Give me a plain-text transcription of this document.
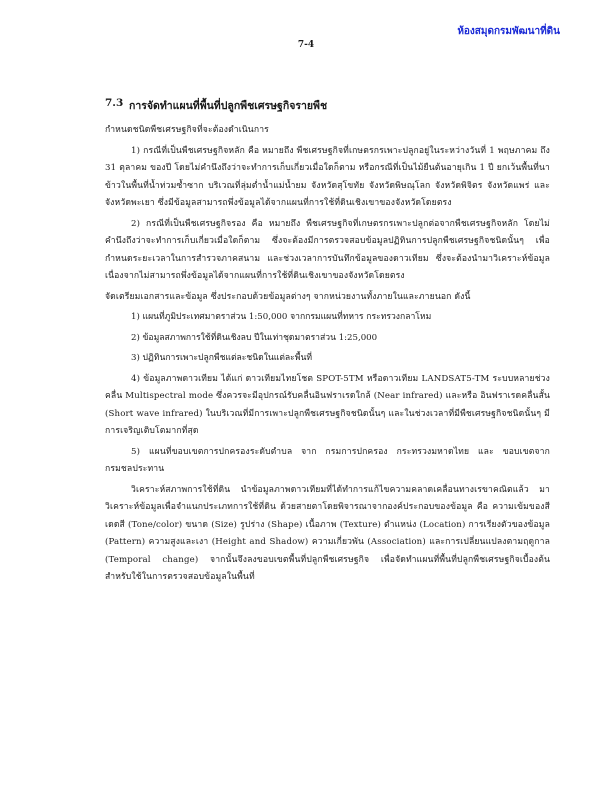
ห้องสมุดกรมพัฒนาที่ดิน
7-4
7.3 การจัดทำแผนที่พื้นที่ปลูกพืชเศรษฐกิจรายพืช

กำหนดชนิดพืชเศรษฐกิจที่จะต้องดำเนินการ

1) กรณีที่เป็นพืชเศรษฐกิจหลัก คือ หมายถึง พืชเศรษฐกิจที่เกษตรกรเพาะปลูกอยู่ในระหว่างวันที่ 1 พฤษภาคม ถึง 31 ตุลาคม ของปี โดยไม่คำนึงถึงว่าจะทำการเก็บเกี่ยวเมื่อใดก็ตาม หรือกรณีที่เป็นไม้ยืนต้นอายุเกิน 1 ปี ยกเว้นพื้นที่นาข้าวในพื้นที่น้ำท่วมซ้ำซาก บริเวณที่ลุ่มต่ำน้ำแม่น้ำยม จังหวัดสุโขทัย จังหวัดพิษณุโลก จังหวัดพิจิตร จังหวัดแพร่ และ จังหวัดพะเยา ซึ่งมีข้อมูลสามารถพึ่งข้อมูลได้จากแผนที่การใช้ที่ดินเชิงเขาของจังหวัดโดยตรง

2) กรณีที่เป็นพืชเศรษฐกิจรอง คือ หมายถึง พืชเศรษฐกิจที่เกษตรกรเพาะปลูกต่อจากพืชเศรษฐกิจหลัก โดยไม่คำนึงถึงว่าจะทำการเก็บเกี่ยวเมื่อใดก็ตาม ซึ่งจะต้องมีการตรวจสอบข้อมูลปฏิทินการปลูกพืชเศรษฐกิจชนิดนั้นๆ เพื่อกำหนดระยะเวลาในการสำรวจภาคสนาม และช่วงเวลาการบันทึกข้อมูลของดาวเทียม ซึ่งจะต้องนำมาวิเคราะห์ข้อมูล เนื่องจากไม่สามารถพึ่งข้อมูลได้จากแผนที่การใช้ที่ดินเชิงเขาของจังหวัดโดยตรง

จัดเตรียมเอกสารและข้อมูล ซึ่งประกอบด้วยข้อมูลต่างๆ จากหน่วยงานทั้งภายในและภายนอก ดังนี้

1) แผนที่ภูมิประเทศมาตราส่วน 1:50,000 จากกรมแผนที่ทหาร กระทรวงกลาโหม

2) ข้อมูลสภาพการใช้ที่ดินเชิงลบ ปีในเท่าชุดมาตราส่วน 1:25,000

3) ปฏิทินการเพาะปลูกพืชแต่ละชนิดในแต่ละพื้นที่

4) ข้อมูลภาพดาวเทียม ได้แก่ ดาวเทียมไทยโชต SPOT-5TM หรือดาวเทียม LANDSAT5-TM ระบบหลายช่วงคลื่น Multispectral mode ซึ่งควรจะมีอุปกรณ์รับคลื่นอินฟราเรดใกล้ (Near infrared) และหรือ อินฟราเรดคลื่นสั้น (Short wave infrared) ในบริเวณที่มีการเพาะปลูกพืชเศรษฐกิจชนิดนั้นๆ และในช่วงเวลาที่มีพืชเศรษฐกิจชนิดนั้นๆ มีการเจริญเติบโตมากที่สุด

5) แผนที่ขอบเขตการปกครองระดับตำบล จาก กรมการปกครอง กระทรวงมหาดไทย และ ขอบเขตจากกรมชลประทาน

วิเคราะห์สภาพการใช้ที่ดิน นำข้อมูลภาพดาวเทียมที่ได้ทำการแก้ไขความคลาดเคลื่อนทางเรขาคณิตแล้ว มาวิเคราะห์ข้อมูลเพื่อจำแนกประเภทการใช้ที่ดิน ด้วยสายตาโดยพิจารณาจากองค์ประกอบของข้อมูล คือ ความเข้มของสีเดดสี (Tone/color) ขนาด (Size) รูปร่าง (Shape) เนื้อภาพ (Texture) ตำแหน่ง (Location) การเรียงตัวของข้อมูล (Pattern) ความสูงและเงา (Height and Shadow) ความเกี่ยวพัน (Association) และการเปลี่ยนแปลงตามฤดูกาล (Temporal change) จากนั้นจึงลงขอบเขตพื้นที่ปลูกพืชเศรษฐกิจ เพื่อจัดทำแผนที่พื้นที่ปลูกพืชเศรษฐกิจเบื้องต้น สำหรับใช้ในการตรวจสอบข้อมูลในพื้นที่
